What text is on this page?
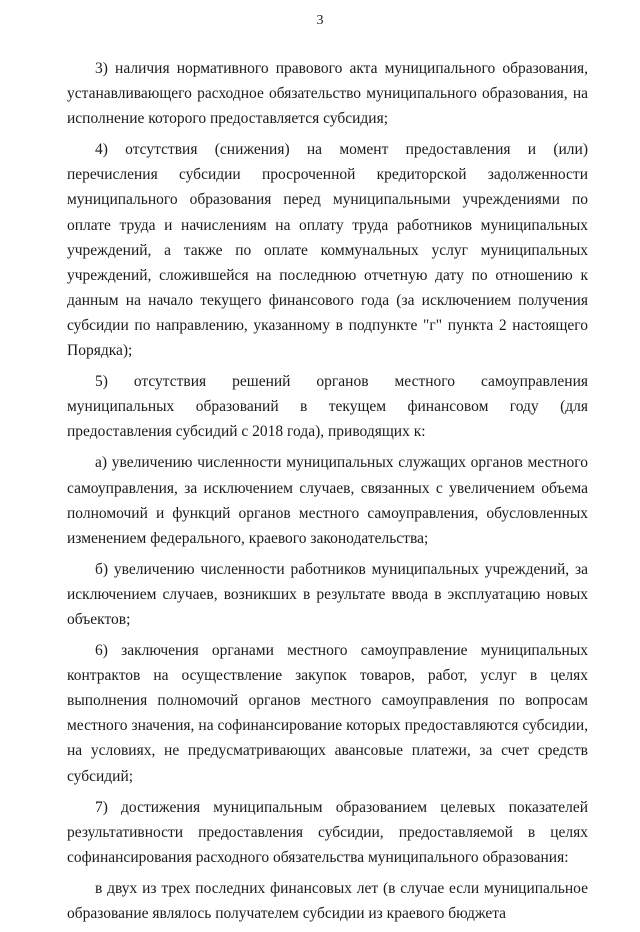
3

3) наличия нормативного правового акта муниципального образования, устанавливающего расходное обязательство муниципального образования, на исполнение которого предоставляется субсидия;

4) отсутствия (снижения) на момент предоставления и (или) перечисления субсидии просроченной кредиторской задолженности муниципального образования перед муниципальными учреждениями по оплате труда и начислениям на оплату труда работников муниципальных учреждений, а также по оплате коммунальных услуг муниципальных учреждений, сложившейся на последнюю отчетную дату по отношению к данным на начало текущего финансового года (за исключением получения субсидии по направлению, указанному в подпункте "г" пункта 2 настоящего Порядка);

5) отсутствия решений органов местного самоуправления муниципальных образований в текущем финансовом году (для предоставления субсидий с 2018 года), приводящих к:

а) увеличению численности муниципальных служащих органов местного самоуправления, за исключением случаев, связанных с увеличением объема полномочий и функций органов местного самоуправления, обусловленных изменением федерального, краевого законодательства;

б) увеличению численности работников муниципальных учреждений, за исключением случаев, возникших в результате ввода в эксплуатацию новых объектов;

6) заключения органами местного самоуправление муниципальных контрактов на осуществление закупок товаров, работ, услуг в целях выполнения полномочий органов местного самоуправления по вопросам местного значения, на софинансирование которых предоставляются субсидии, на условиях, не предусматривающих авансовые платежи, за счет средств субсидий;

7) достижения муниципальным образованием целевых показателей результативности предоставления субсидии, предоставляемой в целях софинансирования расходного обязательства муниципального образования:

в двух из трех последних финансовых лет (в случае если муниципальное образование являлось получателем субсидии из краевого бюджета
